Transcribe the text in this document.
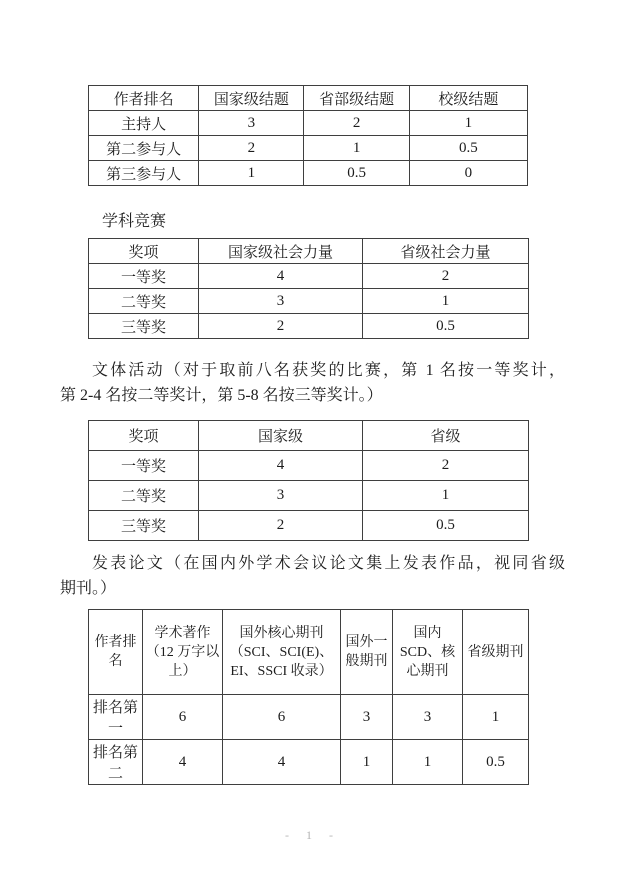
作者排名	国家级结题	省部级结题	校级结题
主持人	3	2	1
第二参与人	2	1	0.5
第三参与人	1	0.5	0
学科竞赛
奖项	国家级社会力量	省级社会力量
一等奖	4	2
二等奖	3	1
三等奖	2	0.5
文体活动（对于取前八名获奖的比赛，第 1 名按一等奖计，
第 2-4 名按二等奖计，第 5-8 名按三等奖计。）
奖项	国家级	省级
一等奖	4	2
二等奖	3	1
三等奖	2	0.5
发表论文（在国内外学术会议论文集上发表作品，视同省级
期刊。）
作者排名	学术著作（12 万字以上）	国外核心期刊（SCI、SCI(E)、EI、SSCI 收录）	国外一般期刊	国内 SCD、核心期刊	省级期刊
排名第一	6	6	3	3	1
排名第二	4	4	1	1	0.5
- 1 -
